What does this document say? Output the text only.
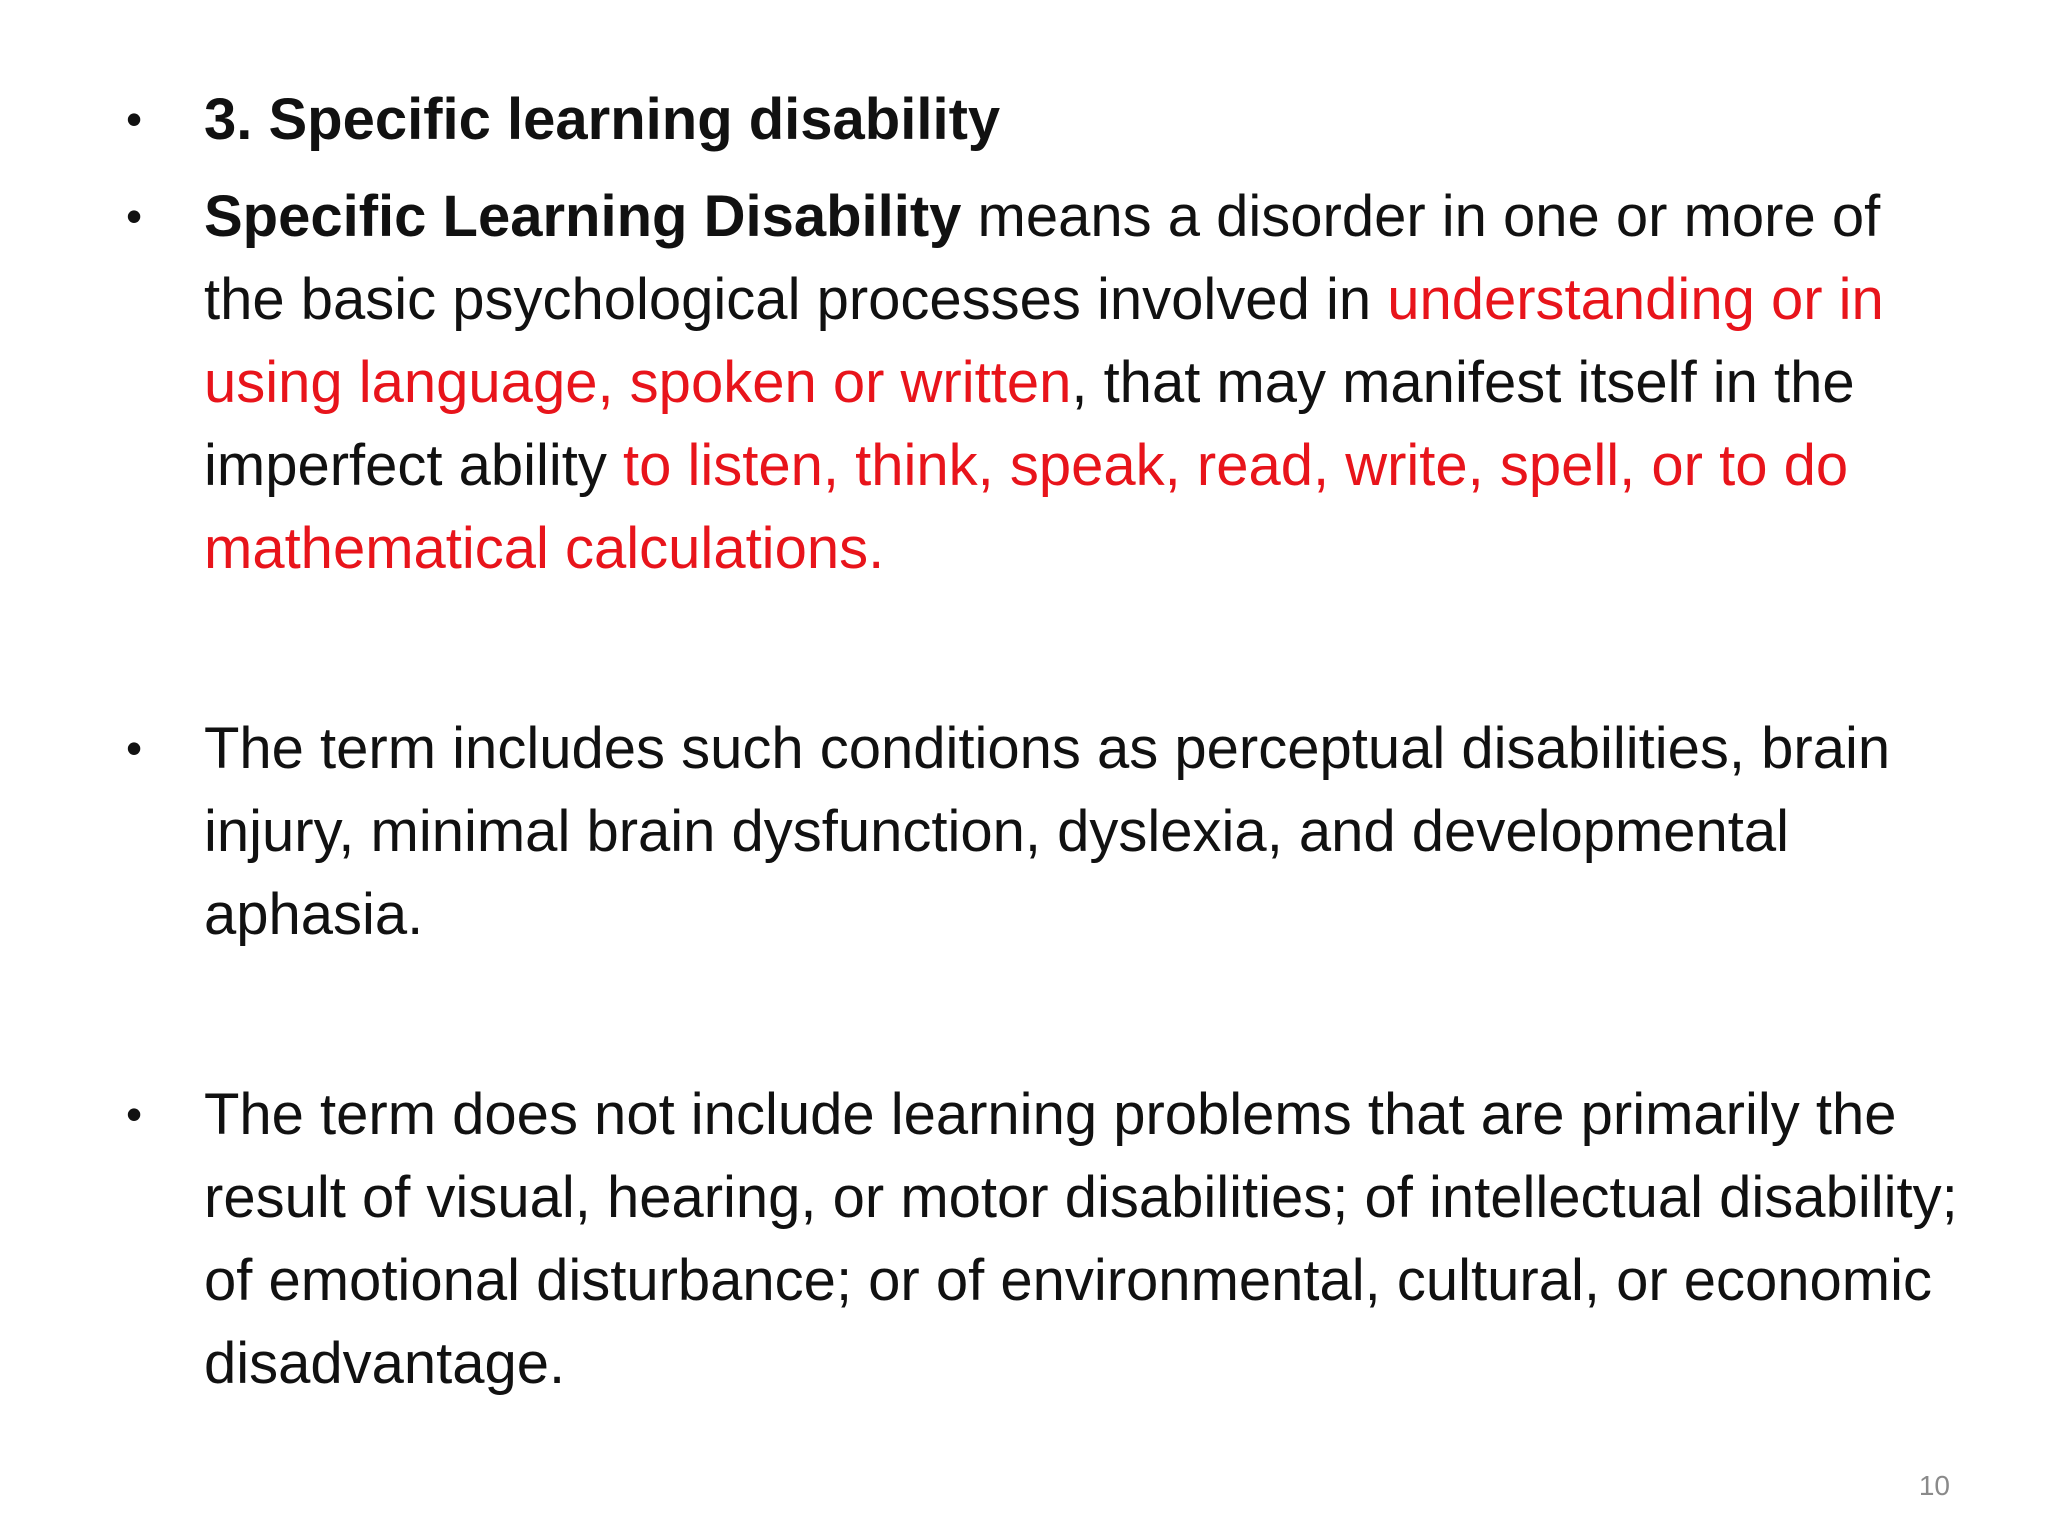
• 3. Specific learning disability
• Specific Learning Disability means a disorder in one or more of the basic psychological processes involved in understanding or in using language, spoken or written, that may manifest itself in the imperfect ability to listen, think, speak, read, write, spell, or to do mathematical calculations.
• The term includes such conditions as perceptual disabilities, brain injury, minimal brain dysfunction, dyslexia, and developmental aphasia.
• The term does not include learning problems that are primarily the result of visual, hearing, or motor disabilities; of intellectual disability; of emotional disturbance; or of environmental, cultural, or economic disadvantage.
10
